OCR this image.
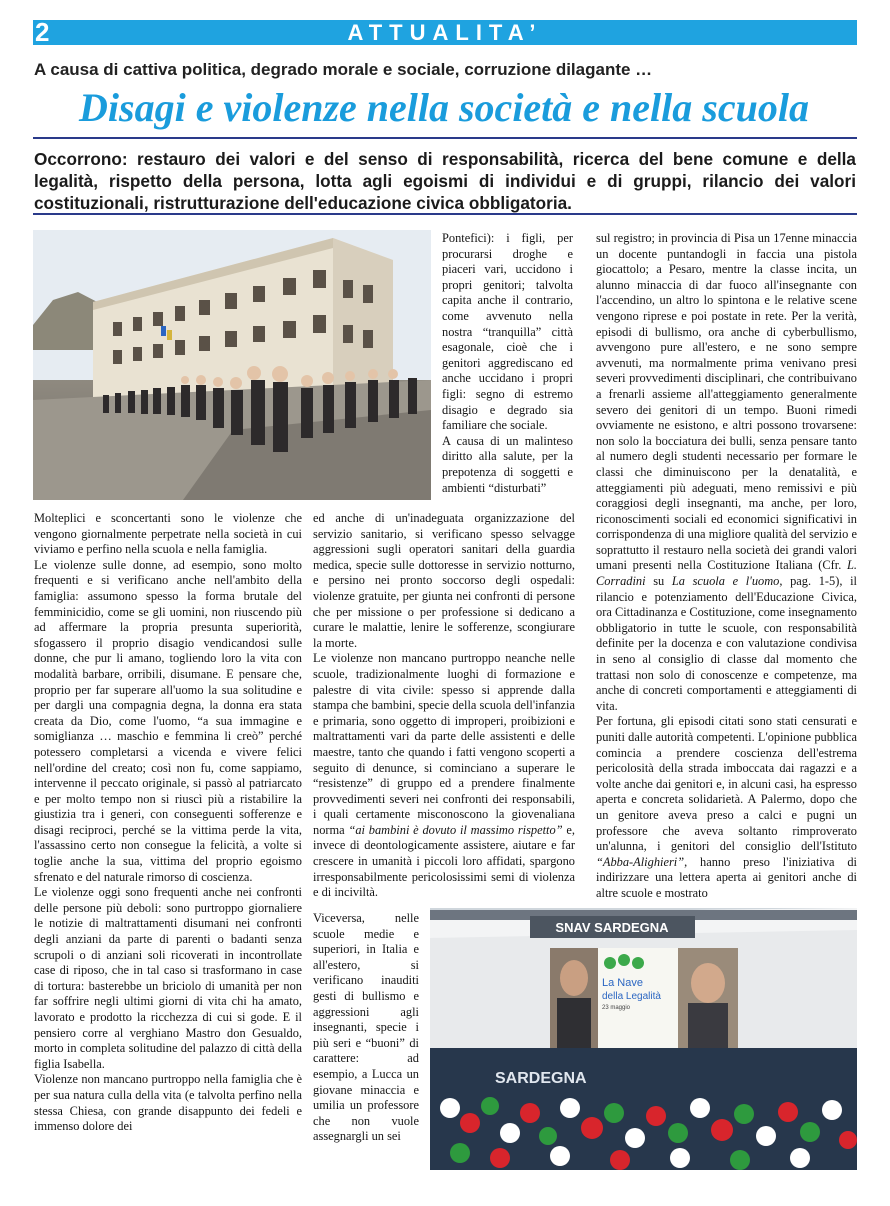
2	ATTUALITA’
A causa di cattiva politica, degrado morale e sociale, corruzione dilagante …
Disagi e violenze nella società e nella scuola
Occorrono: restauro dei valori e del senso di responsabilità, ricerca del bene comune e della legalità, rispetto della persona, lotta agli egoismi di individui e di gruppi, rilancio dei valori costituzionali, ristrutturazione dell'educazione civica obbligatoria.

Molteplici e sconcertanti sono le violenze che vengono giornalmente perpetrate nella società in cui viviamo e perfino nella scuola e nella famiglia.

Le violenze sulle donne, ad esempio, sono molto frequenti e si verificano anche nell'ambito della famiglia: assumono spesso la forma brutale del femminicidio, come se gli uomini, non riuscendo più ad affermare la propria presunta superiorità, sfogassero il proprio disagio vendicandosi sulle donne, che pur li amano, togliendo loro la vita con modalità barbare, orribili, disumane. E pensare che, proprio per far superare all'uomo la sua solitudine e per dargli una compagnia degna, la donna era stata creata da Dio, come l'uomo, “a sua immagine e somiglianza … maschio e femmina li creò” perché potessero completarsi a vicenda e vivere felici nell'ordine del creato; così non fu, come sappiamo, intervenne il peccato originale, si passò al patriarcato e per molto tempo non si riuscì più a ristabilire la giustizia tra i generi, con conseguenti sofferenze e disagi reciproci, perché se la vittima perde la vita, l'assassino certo non consegue la felicità, a volte si toglie anche la sua, vittima del proprio egoismo sfrenato e del naturale rimorso di coscienza.

Le violenze oggi sono frequenti anche nei confronti delle persone più deboli: sono purtroppo giornaliere le notizie di maltrattamenti disumani nei confronti degli anziani da parte di parenti o badanti senza scrupoli o di anziani soli ricoverati in incontrollate case di riposo, che in tal caso si trasformano in case di tortura: basterebbe un briciolo di umanità per non far soffrire negli ultimi giorni di vita chi ha amato, lavorato e prodotto la ricchezza di cui si gode. E il pensiero corre al verghiano Mastro don Gesualdo, morto in completa solitudine del palazzo di città della figlia Isabella.

Violenze non mancano purtroppo nella famiglia che è per sua natura culla della vita (e talvolta perfino nella stessa Chiesa, con grande disappunto dei fedeli e immenso dolore dei

Pontefici): i figli, per procurarsi droghe e piaceri vari, uccidono i propri genitori; talvolta capita anche il contrario, come avvenuto nella nostra “tranquilla” città esagonale, cioè che i genitori aggrediscano ed anche uccidano i propri figli: segno di estremo disagio e degrado sia familiare che sociale.

A causa di un malinteso diritto alla salute, per la prepotenza di soggetti e ambienti “disturbati”

ed anche di un'inadeguata organizzazione del servizio sanitario, si verificano spesso selvagge aggressioni sugli operatori sanitari della guardia medica, specie sulle dottoresse in servizio notturno, e persino nei pronto soccorso degli ospedali: violenze gratuite, per giunta nei confronti di persone che per missione o per professione si dedicano a curare le malattie, lenire le sofferenze, scongiurare la morte.

Le violenze non mancano purtroppo neanche nelle scuole, tradizionalmente luoghi di formazione e palestre di vita civile: spesso si apprende dalla stampa che bambini, specie della scuola dell'infanzia e primaria, sono oggetto di improperi, proibizioni e maltrattamenti vari da parte delle assistenti e delle maestre, tanto che quando i fatti vengono scoperti a seguito di denunce, si cominciano a superare le “resistenze” di gruppo ed a prendere finalmente provvedimenti severi nei confronti dei responsabili, i quali certamente misconoscono la giovenaliana norma “ai bambini è dovuto il massimo rispetto” e, invece di deontologicamente assistere, aiutare e far crescere in umanità i piccoli loro affidati, spargono irresponsabilmente pericolosissimi semi di violenza e di inciviltà.

Viceversa, nelle scuole medie e superiori, in Italia e all'estero, si verificano inauditi gesti di bullismo e aggressioni agli insegnanti, specie i più seri e “buoni” di carattere: ad esempio, a Lucca un giovane minaccia e umilia un professore che non vuole assegnargli un sei

sul registro; in provincia di Pisa un 17enne minaccia un docente puntandogli in faccia una pistola giocattolo; a Pesaro, mentre la classe incita, un alunno minaccia di dar fuoco all'insegnante con l'accendino, un altro lo spintona e le relative scene vengono riprese e poi postate in rete. Per la verità, episodi di bullismo, ora anche di cyberbullismo, avvengono pure all'estero, e ne sono sempre avvenuti, ma normalmente prima venivano presi severi provvedimenti disciplinari, che contribuivano a frenarli assieme all'atteggiamento generalmente severo dei genitori di un tempo. Buoni rimedi ovviamente ne esistono, e altri possono trovarsene: non solo la bocciatura dei bulli, senza pensare tanto al numero degli studenti necessario per formare le classi che diminuiscono per la denatalità, e atteggiamenti più adeguati, meno remissivi e più coraggiosi degli insegnanti, ma anche, per loro, riconoscimenti sociali ed economici significativi in corrispondenza di una migliore qualità del servizio e soprattutto il restauro nella società dei grandi valori umani presenti nella Costituzione Italiana (Cfr. L. Corradini su La scuola e l'uomo, pag. 1-5), il rilancio e potenziamento dell'Educazione Civica, ora Cittadinanza e Costituzione, come insegnamento obbligatorio in tutte le scuole, con responsabilità definite per la docenza e con valutazione condivisa in seno al consiglio di classe dal momento che trattasi non solo di conoscenze e competenze, ma anche di concreti comportamenti e atteggiamenti di vita.

Per fortuna, gli episodi citati sono stati censurati e puniti dalle autorità competenti. L'opinione pubblica comincia a prendere coscienza dell'estrema pericolosità della strada imboccata dai ragazzi e a volte anche dai genitori e, in alcuni casi, ha espresso aperta e concreta solidarietà. A Palermo, dopo che un genitore aveva preso a calci e pugni un professore che aveva soltanto rimproverato un'alunna, i genitori del consiglio dell'Istituto “Abba-Alighieri”, hanno preso l'iniziativa di indirizzare una lettera aperta ai genitori anche di altre scuole e mostrato

SNAV SARDEGNA
La Nave
della Legalità
23 maggio
SARDEGNA
